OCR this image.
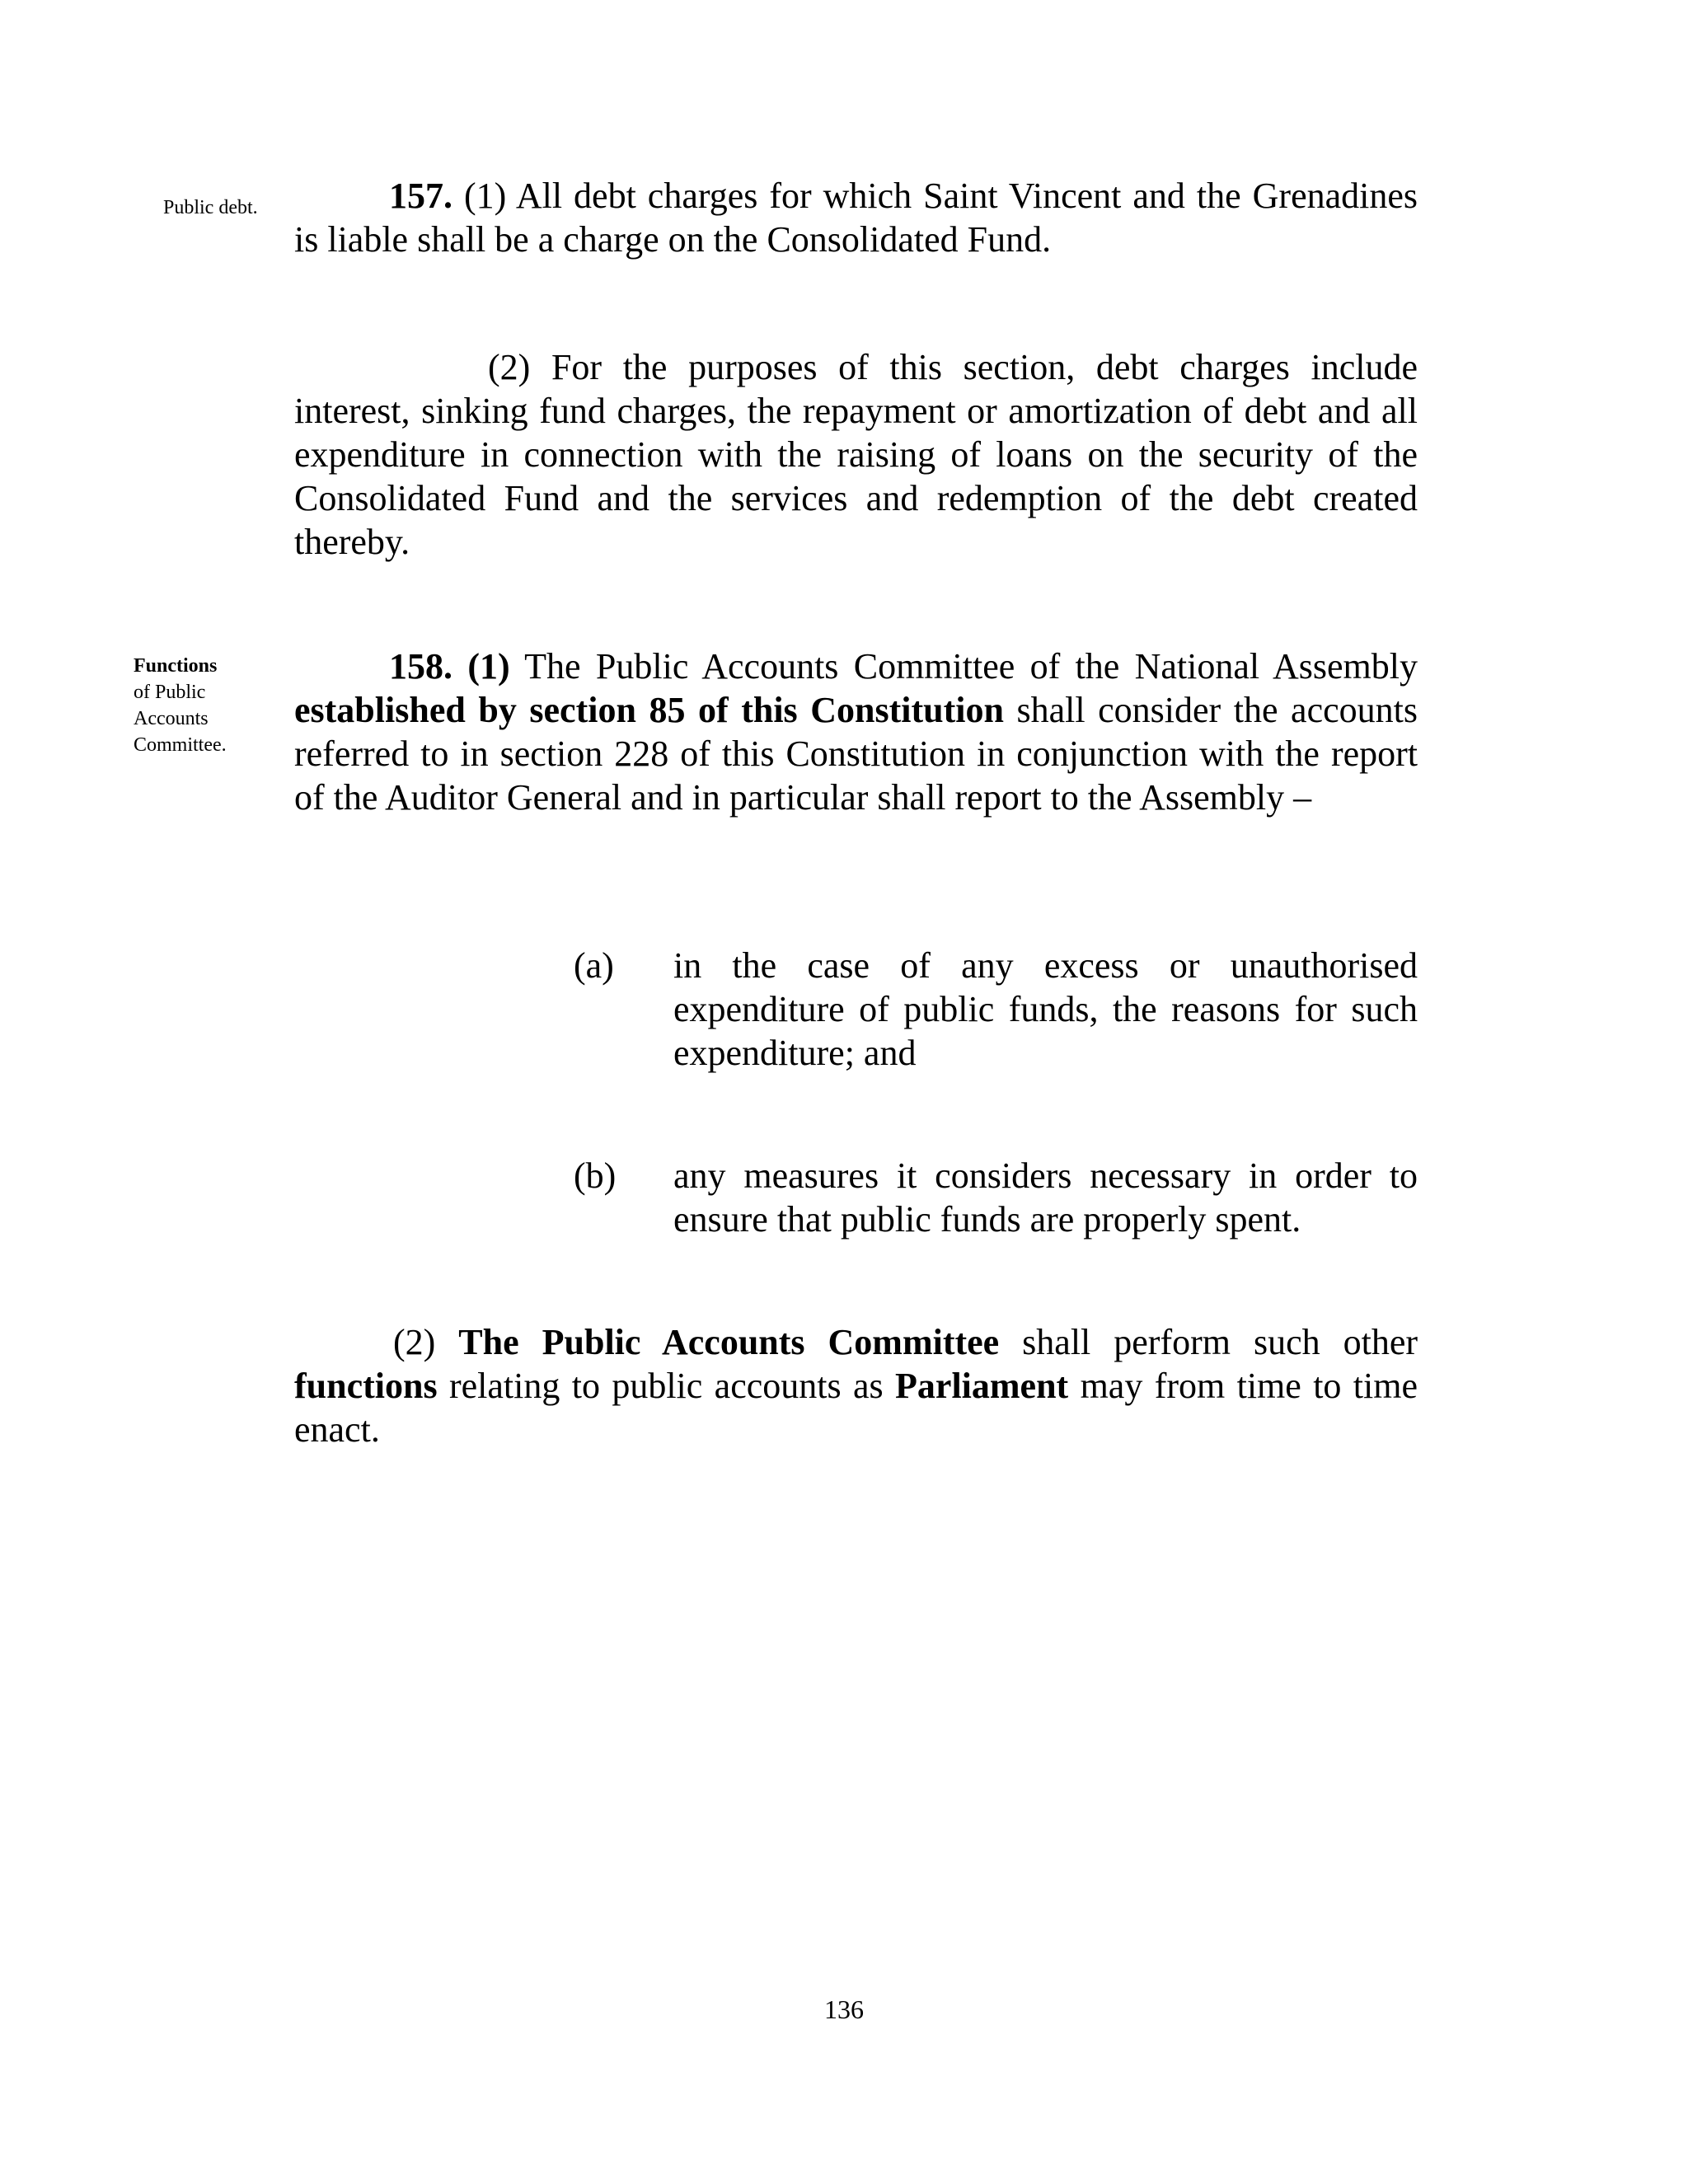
Public debt.
Functions
of Public
Accounts
Committee.
157. (1) All debt charges for which Saint Vincent and the Grenadines is liable shall be a charge on the Consolidated Fund.
(2) For the purposes of this section, debt charges include interest, sinking fund charges, the repayment or amortization of debt and all expenditure in connection with the raising of loans on the security of the Consolidated Fund and the services and redemption of the debt created thereby.
158. (1) The Public Accounts Committee of the National Assembly established by section 85 of this Constitution shall consider the accounts referred to in section 228 of this Constitution in conjunction with the report of the Auditor General and in particular shall report to the Assembly –
(a) in the case of any excess or unauthorised expenditure of public funds, the reasons for such expenditure; and
(b) any measures it considers necessary in order to ensure that public funds are properly spent.
(2) The Public Accounts Committee shall perform such other functions relating to public accounts as Parliament may from time to time enact.
136
